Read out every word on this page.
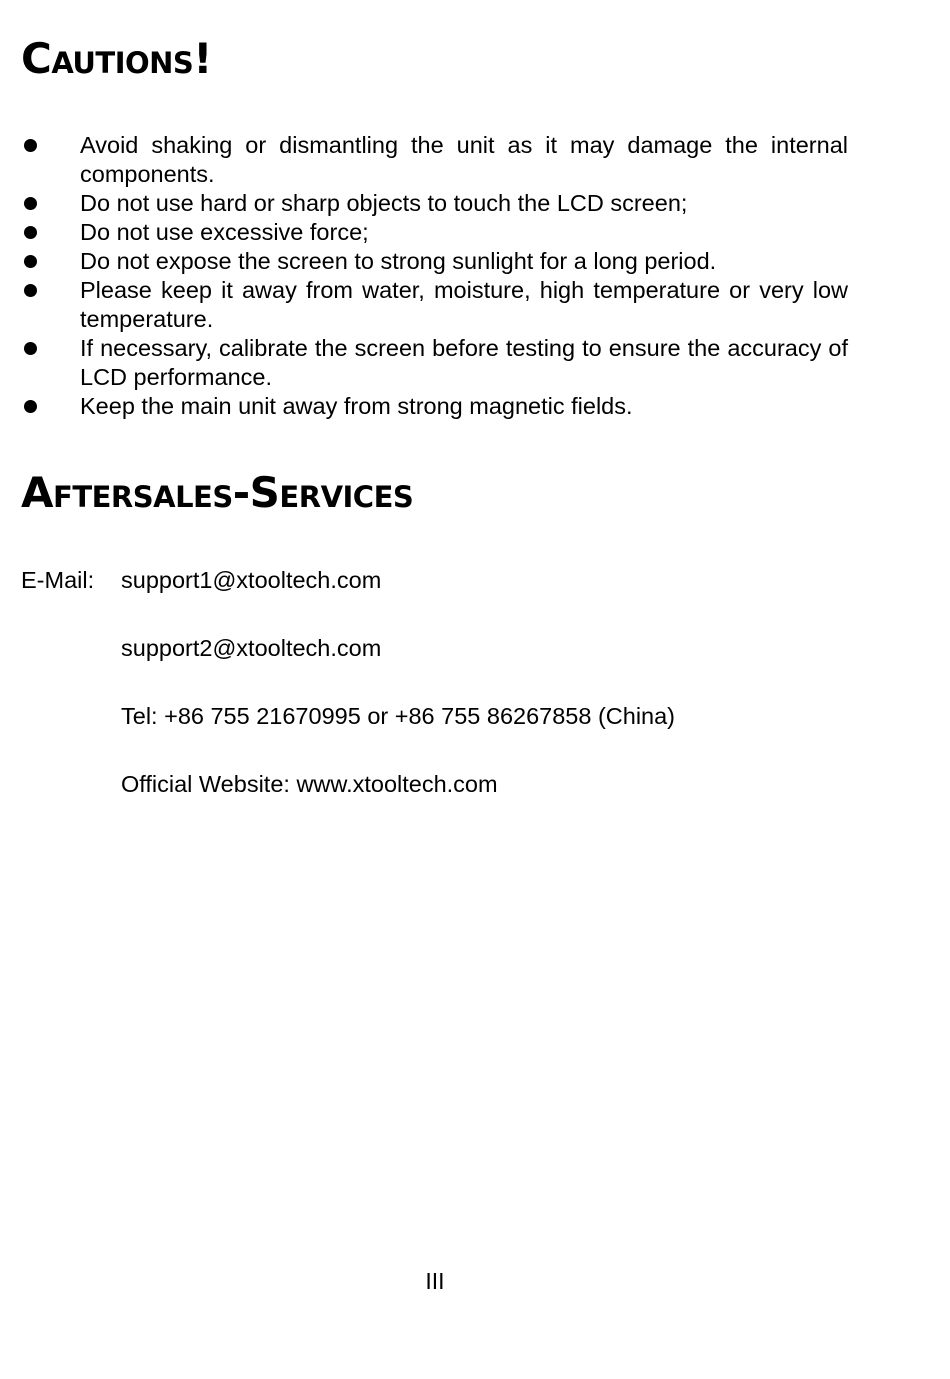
Cautions!
Avoid shaking or dismantling the unit as it may damage the internal components.
Do not use hard or sharp objects to touch the LCD screen;
Do not use excessive force;
Do not expose the screen to strong sunlight for a long period.
Please keep it away from water, moisture, high temperature or very low temperature.
If necessary, calibrate the screen before testing to ensure the accuracy of LCD performance.
Keep the main unit away from strong magnetic fields.
Aftersales-Services
E-Mail: support1@xtooltech.com
support2@xtooltech.com
Tel: +86 755 21670995 or +86 755 86267858 (China)
Official Website: www.xtooltech.com
III
